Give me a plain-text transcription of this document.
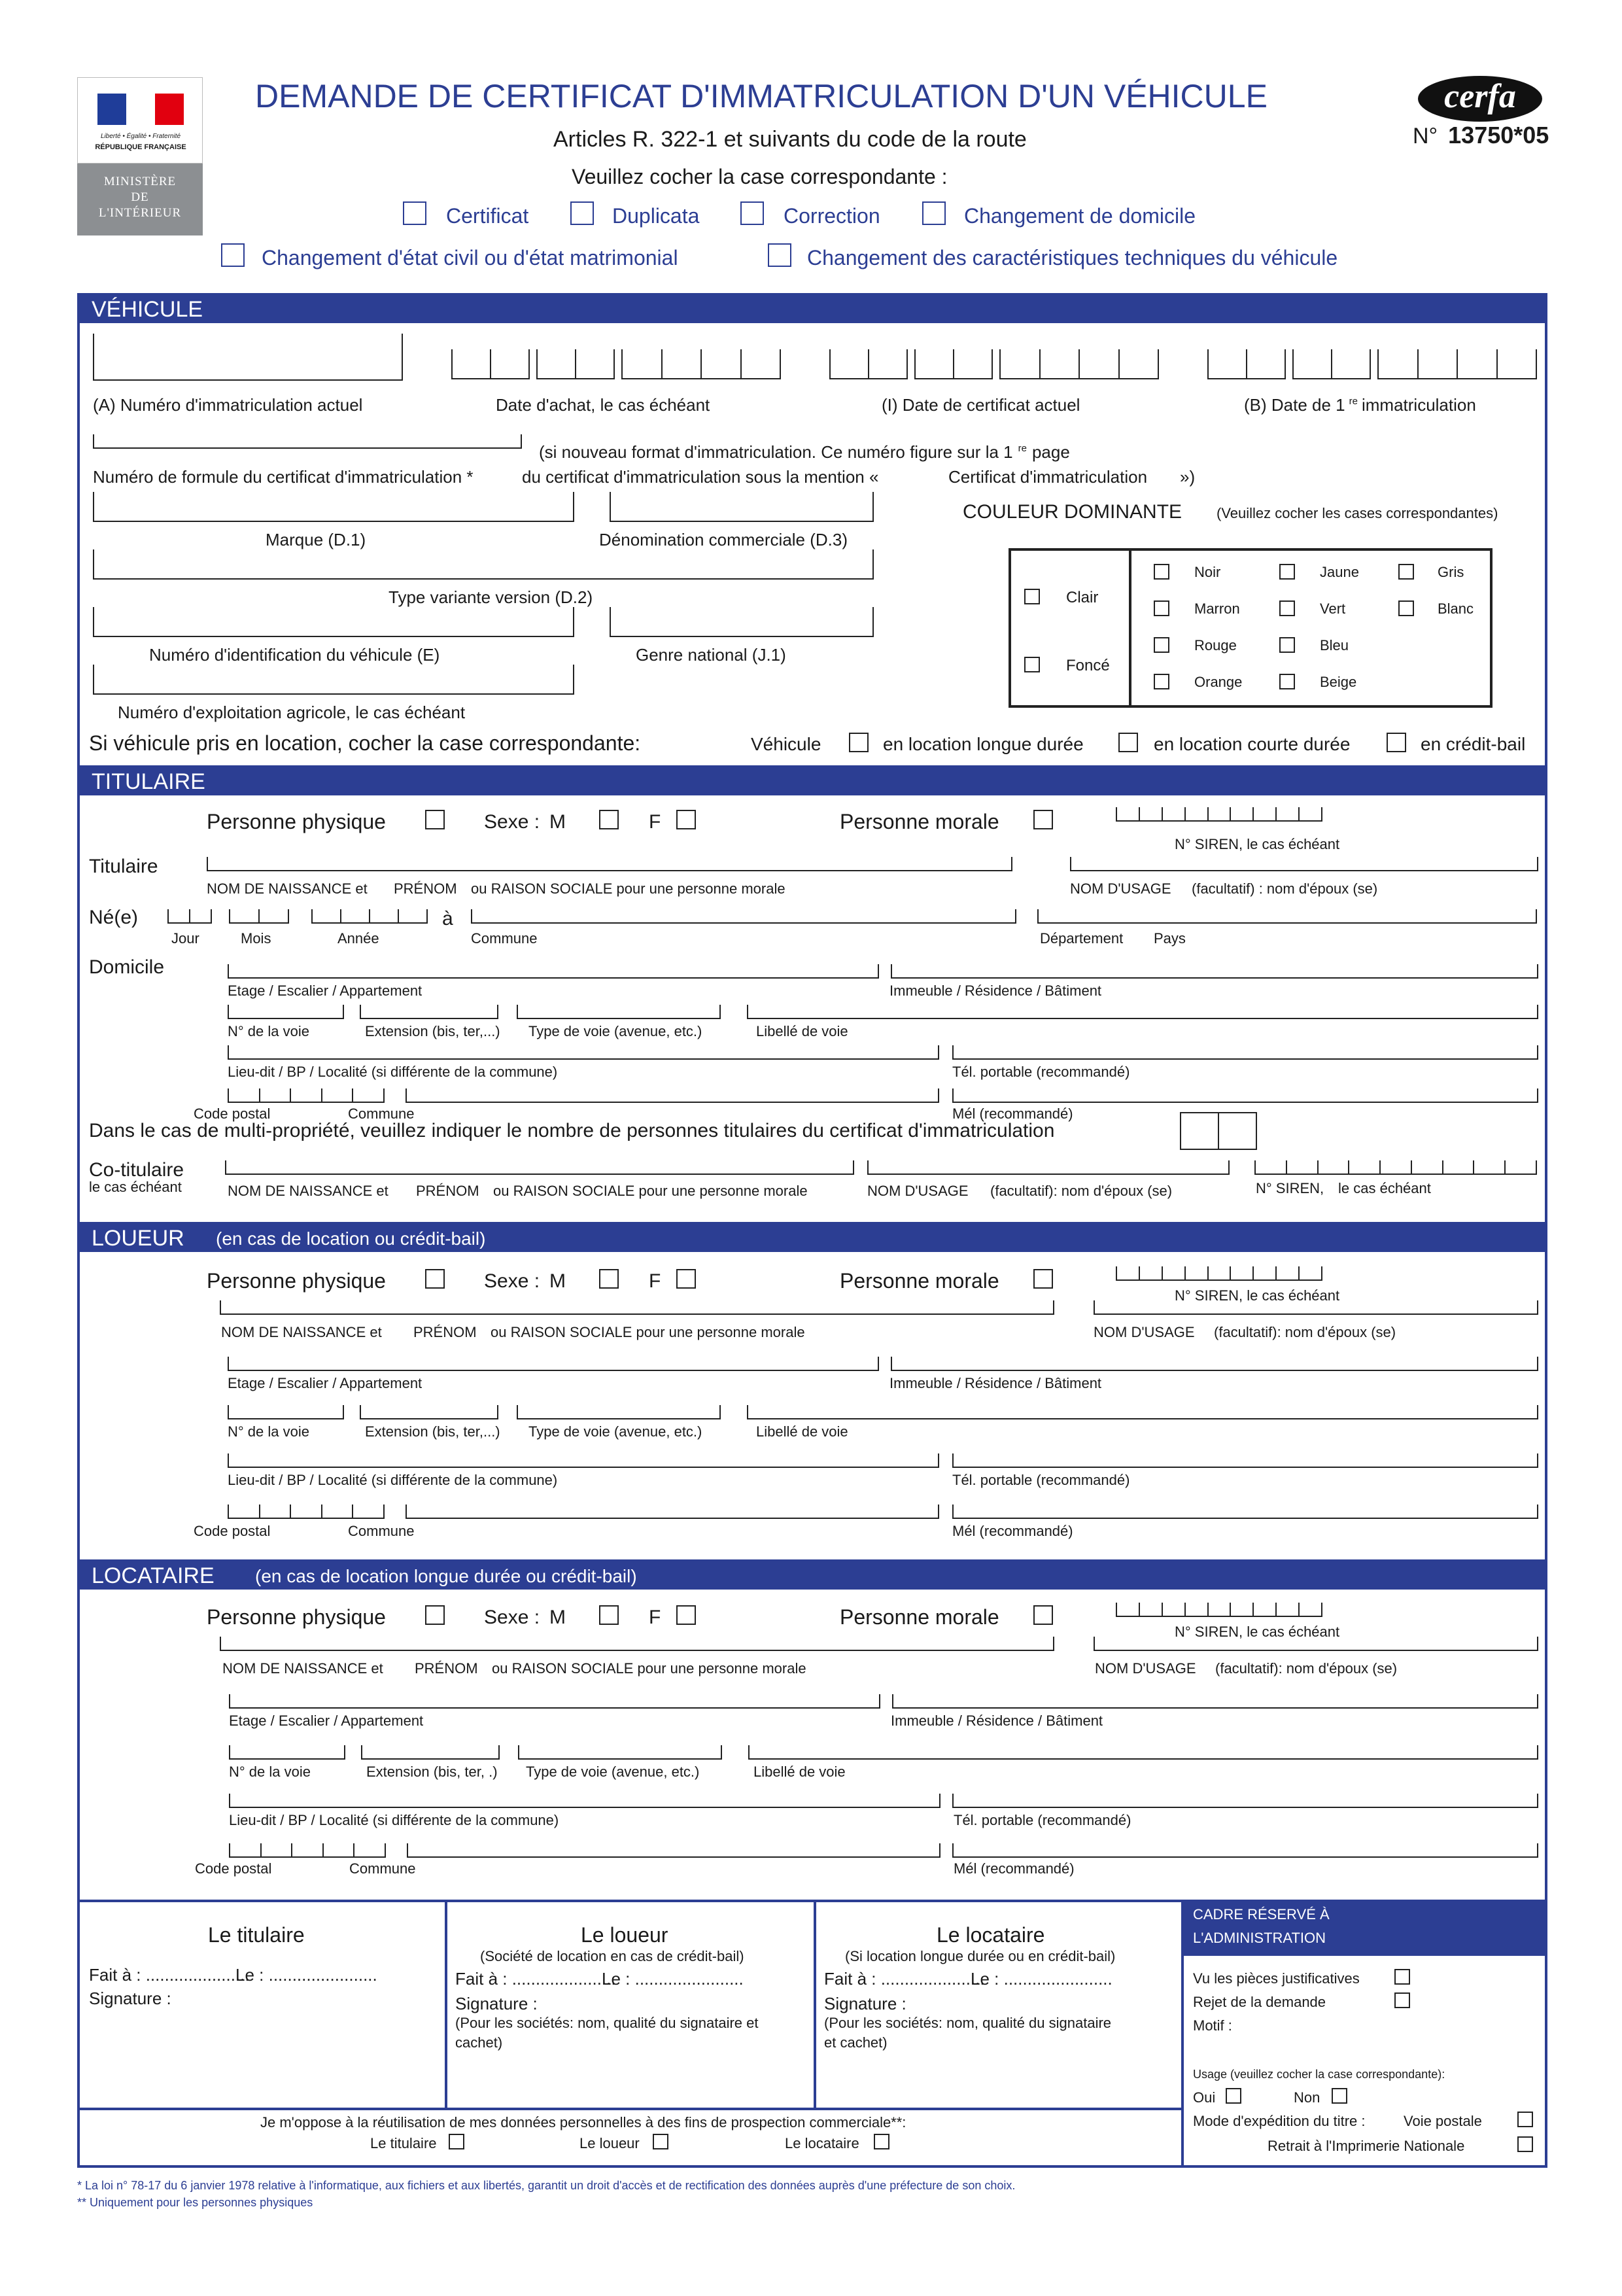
Liberté • Égalité • Fraternité
RÉPUBLIQUE FRANÇAISE
MINISTÈRE
DE
L'INTÉRIEUR
DEMANDE DE CERTIFICAT D'IMMATRICULATION D'UN VÉHICULE
Articles R. 322-1 et suivants du code de la route
Veuillez cocher la case correspondante :
cerfa
N° 13750*05
Certificat	Duplicata	Correction	Changement de domicile
Changement d'état civil ou d'état matrimonial	Changement des caractéristiques techniques du véhicule
VÉHICULE
(A) Numéro d'immatriculation actuel	Date d'achat, le cas échéant	(I) Date de certificat actuel	(B) Date de 1 $^{re}$ immatriculation
(si nouveau format d'immatriculation. Ce numéro figure sur la 1 $^{re}$ page
Numéro de formule du certificat d'immatriculation *	du certificat d'immatriculation sous la mention «	Certificat d'immatriculation »)
Marque (D.1)	Dénomination commerciale (D.3)
Type variante version (D.2)
Numéro d'identification du véhicule (E)	Genre national (J.1)
Numéro d'exploitation agricole, le cas échéant
COULEUR DOMINANTE (Veuillez cocher les cases correspondantes)
Clair
Foncé
Noir	Jaune	Gris
Marron	Vert	Blanc
Rouge	Bleu
Orange	Beige
Si véhicule pris en location, cocher la case correspondante:	Véhicule	en location longue durée	en location courte durée	en crédit-bail
TITULAIRE
Personne physique	Sexe : M	F	Personne morale
N° SIREN, le cas échéant
Titulaire
NOM DE NAISSANCE et PRÉNOM ou RAISON SOCIALE pour une personne morale	NOM D'USAGE (facultatif) : nom d'époux (se)
Né(e)	à
Jour	Mois	Année	Commune	Département Pays
Domicile
Etage / Escalier / Appartement	Immeuble / Résidence / Bâtiment
N° de la voie	Extension (bis, ter,...) Type de voie (avenue, etc.)	Libellé de voie
Lieu-dit / BP / Localité (si différente de la commune)	Tél. portable (recommandé)
Code postal	Commune	Mél (recommandé)
Dans le cas de multi-propriété, veuillez indiquer le nombre de personnes titulaires du certificat d'immatriculation
Co-titulaire
le cas échéant	NOM DE NAISSANCE et PRÉNOM ou RAISON SOCIALE pour une personne morale	NOM D'USAGE (facultatif): nom d'époux (se)	N° SIREN, le cas échéant
LOUEUR (en cas de location ou crédit-bail)
Personne physique	Sexe : M	F	Personne morale
N° SIREN, le cas échéant
NOM DE NAISSANCE et PRÉNOM ou RAISON SOCIALE pour une personne morale	NOM D'USAGE (facultatif): nom d'époux (se)
Etage / Escalier / Appartement	Immeuble / Résidence / Bâtiment
N° de la voie	Extension (bis, ter,...) Type de voie (avenue, etc.)	Libellé de voie
Lieu-dit / BP / Localité (si différente de la commune)	Tél. portable (recommandé)
Code postal	Commune	Mél (recommandé)
LOCATAIRE (en cas de location longue durée ou crédit-bail)
Personne physique	Sexe : M	F	Personne morale
N° SIREN, le cas échéant
NOM DE NAISSANCE et PRÉNOM ou RAISON SOCIALE pour une personne morale	NOM D'USAGE (facultatif): nom d'époux (se)
Etage / Escalier / Appartement	Immeuble / Résidence / Bâtiment
N° de la voie	Extension (bis, ter, .) Type de voie (avenue, etc.)	Libellé de voie
Lieu-dit / BP / Localité (si différente de la commune)	Tél. portable (recommandé)
Code postal	Commune	Mél (recommandé)
Le titulaire
Fait à : ......................
Le : .......................
Signature :
Le loueur
(Société de location en cas de crédit-bail)
Fait à : ......................
Le : .......................
Signature :
(Pour les sociétés: nom, qualité du signataire et
cachet)
Le locataire
(Si location longue durée ou en crédit-bail)
Fait à : ......................
Le : .......................
Signature :
(Pour les sociétés: nom, qualité du signataire
et cachet)
Je m'oppose à la réutilisation de mes données personnelles à des fins de prospection commerciale**:
Le titulaire	Le loueur	Le locataire
CADRE RÉSERVÉ À
L'ADMINISTRATION
Vu les pièces justificatives
Rejet de la demande
Motif :
Usage (veuillez cocher la case correspondante):
Oui	Non
Mode d'expédition du titre :	Voie postale
Retrait à l'Imprimerie Nationale
* La loi n° 78-17 du 6 janvier 1978 relative à l'informatique, aux fichiers et aux libertés, garantit un droit d'accès et de rectification des données auprès d'une préfecture de son choix.
** Uniquement pour les personnes physiques
